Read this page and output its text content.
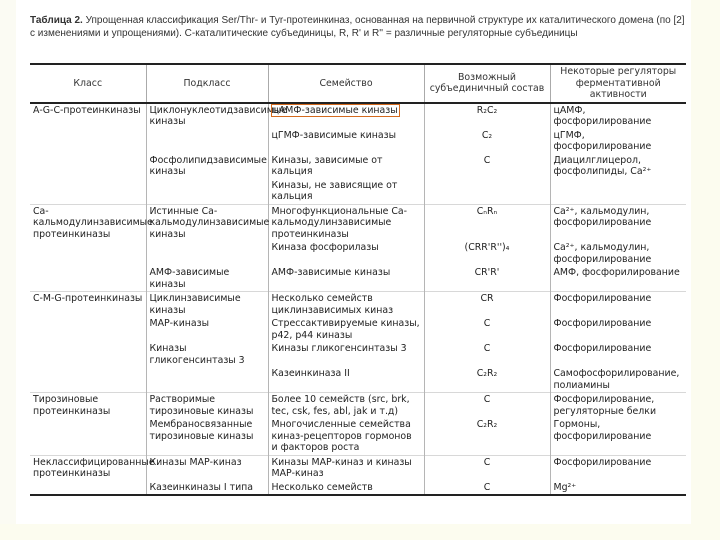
Таблица 2. Упрощенная классификация Ser/Thr- и Tyr-протеинкиназ, основанная на первичной структуре их каталитического домена (по [2] с изменениями и упрощениями). C-каталитические субъединицы, R, R' и R'' = различные регуляторные субъединицы
Класс	Подкласс	Семейство	Возможный субъединичный состав	Некоторые регуляторы ферментативной активности
А-G-С-протеинкиназы	Циклонуклеотидзависимые киназы	цАМФ-зависимые киназы	R₂C₂	цАМФ, фосфорилирование
		цГМФ-зависимые киназы	C₂	цГМФ, фосфорилирование
	Фосфолипидзависимые киназы	Киназы, зависимые от кальция	C	Диацилглицерол, фосфолипиды, Ca²⁺
		Киназы, не зависящие от кальция		
Са-кальмодулинзависимые протеинкиназы	Истинные Са-кальмодулинзависимые киназы	Многофункциональные Са-кальмодулинзависимые протеинкиназы	CₙRₙ	Ca²⁺, кальмодулин, фосфорилирование
		Киназа фосфорилазы	(CRR'R'')₄	Ca²⁺, кальмодулин, фосфорилирование
	АМФ-зависимые киназы	АМФ-зависимые киназы	CR'R'	АМФ, фосфорилирование
С-М-G-протеинкиназы	Циклинзависимые киназы	Несколько семейств циклинзависимых киназ	CR	Фосфорилирование
	МАР-киназы	Стрессактивируемые киназы, р42, р44 киназы	C	Фосфорилирование
	Киназы гликогенсинтазы 3	Киназы гликогенсинтазы 3	C	Фосфорилирование
		Казеинкиназа II	C₂R₂	Самофосфорилирование, полиамины
Тирозиновые протеинкиназы	Растворимые тирозиновые киназы	Более 10 семейств (src, brk, tec, csk, fes, abl, jak и т.д)	C	Фосфорилирование, регуляторные белки
	Мембраносвязанные тирозиновые киназы	Многочисленные семейства киназ-рецепторов гормонов и факторов роста	C₂R₂	Гормоны, фосфорилирование
Неклассифицированные протеинкиназы	Киназы МАР-киназ	Киназы МАР-киназ и киназы МАР-киназ	C	Фосфорилирование
	Казеинкиназы I типа	Несколько семейств	C	Mg²⁺
